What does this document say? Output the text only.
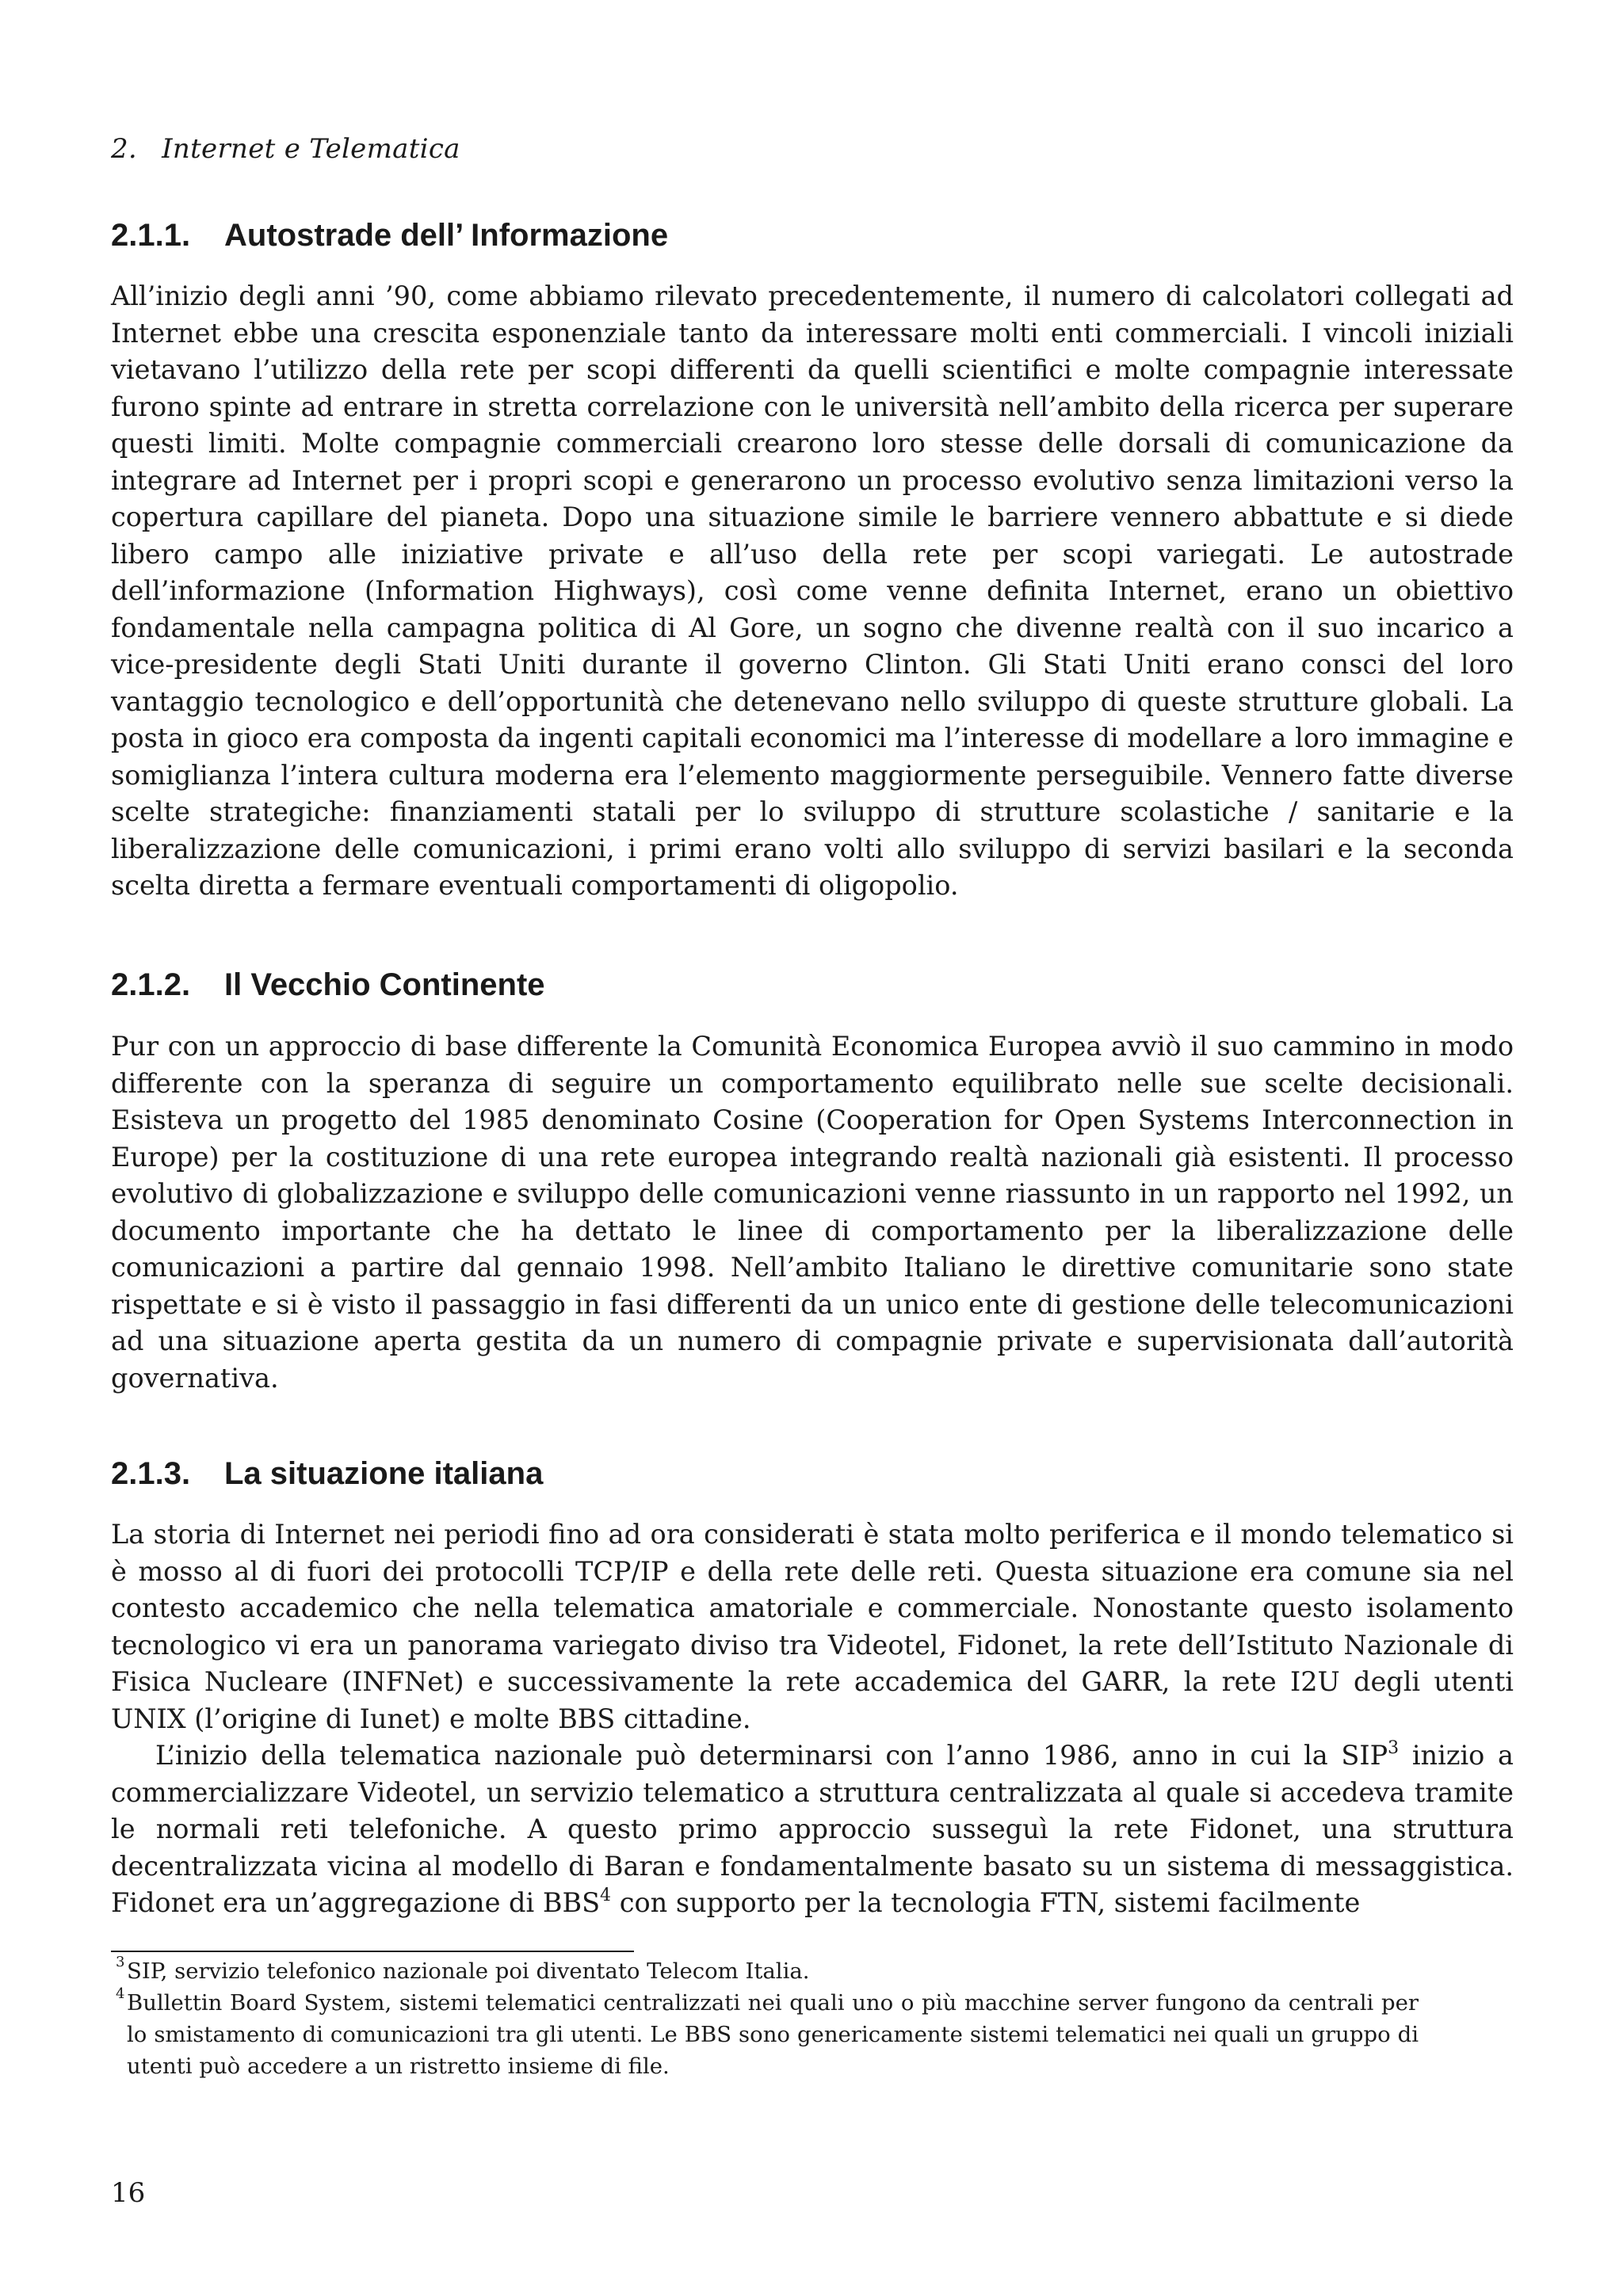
2. Internet e Telematica
2.1.1. Autostrade dell’ Informazione

All’inizio degli anni ’90, come abbiamo rilevato precedentemente, il numero di calcolatori collegati ad Internet ebbe una crescita esponenziale tanto da interessare molti enti commerciali. I vincoli iniziali vietavano l’utilizzo della rete per scopi differenti da quelli scientifici e molte compagnie interessate furono spinte ad entrare in stretta correlazione con le università nell’ambito della ricerca per superare questi limiti. Molte compagnie commerciali crearono loro stesse delle dorsali di comunicazione da integrare ad Internet per i propri scopi e generarono un processo evolutivo senza limitazioni verso la copertura capillare del pianeta. Dopo una situazione simile le barriere vennero abbattute e si diede libero campo alle iniziative private e all’uso della rete per scopi variegati. Le autostrade dell’informazione (Information Highways), così come venne definita Internet, erano un obiettivo fondamentale nella campagna politica di Al Gore, un sogno che divenne realtà con il suo incarico a vice-presidente degli Stati Uniti durante il governo Clinton. Gli Stati Uniti erano consci del loro vantaggio tecnologico e dell’opportunità che detenevano nello sviluppo di queste strutture globali. La posta in gioco era composta da ingenti capitali economici ma l’interesse di modellare a loro immagine e somiglianza l’intera cultura moderna era l’elemento maggiormente perseguibile. Vennero fatte diverse scelte strategiche: finanziamenti statali per lo sviluppo di strutture scolastiche / sanitarie e la liberalizzazione delle comunicazioni, i primi erano volti allo sviluppo di servizi basilari e la seconda scelta diretta a fermare eventuali comportamenti di oligopolio.

2.1.2. Il Vecchio Continente

Pur con un approccio di base differente la Comunità Economica Europea avviò il suo cammino in modo differente con la speranza di seguire un comportamento equilibrato nelle sue scelte decisionali. Esisteva un progetto del 1985 denominato Cosine (Cooperation for Open Systems Interconnection in Europe) per la costituzione di una rete europea integrando realtà nazionali già esistenti. Il processo evolutivo di globalizzazione e sviluppo delle comunicazioni venne riassunto in un rapporto nel 1992, un documento importante che ha dettato le linee di comportamento per la liberalizzazione delle comunicazioni a partire dal gennaio 1998. Nell’ambito Italiano le direttive comunitarie sono state rispettate e si è visto il passaggio in fasi differenti da un unico ente di gestione delle telecomunicazioni ad una situazione aperta gestita da un numero di compagnie private e supervisionata dall’autorità governativa.

2.1.3. La situazione italiana

La storia di Internet nei periodi fino ad ora considerati è stata molto periferica e il mondo telematico si è mosso al di fuori dei protocolli TCP/IP e della rete delle reti. Questa situazione era comune sia nel contesto accademico che nella telematica amatoriale e commerciale. Nonostante questo isolamento tecnologico vi era un panorama variegato diviso tra Videotel, Fidonet, la rete dell’Istituto Nazionale di Fisica Nucleare (INFNet) e successivamente la rete accademica del GARR, la rete I2U degli utenti UNIX (l’origine di Iunet) e molte BBS cittadine.

L’inizio della telematica nazionale può determinarsi con l’anno 1986, anno in cui la SIP$^3$ inizio a commercializzare Videotel, un servizio telematico a struttura centralizzata al quale si accedeva tramite le normali reti telefoniche. A questo primo approccio susseguì la rete Fidonet, una struttura decentralizzata vicina al modello di Baran e fondamentalmente basato su un sistema di messaggistica. Fidonet era un’aggregazione di BBS$^4$ con supporto per la tecnologia FTN, sistemi facilmente

3 SIP, servizio telefonico nazionale poi diventato Telecom Italia.

4 Bullettin Board System, sistemi telematici centralizzati nei quali uno o più macchine server fungono da centrali per lo smistamento di comunicazioni tra gli utenti. Le BBS sono genericamente sistemi telematici nei quali un gruppo di utenti può accedere a un ristretto insieme di file.

16
